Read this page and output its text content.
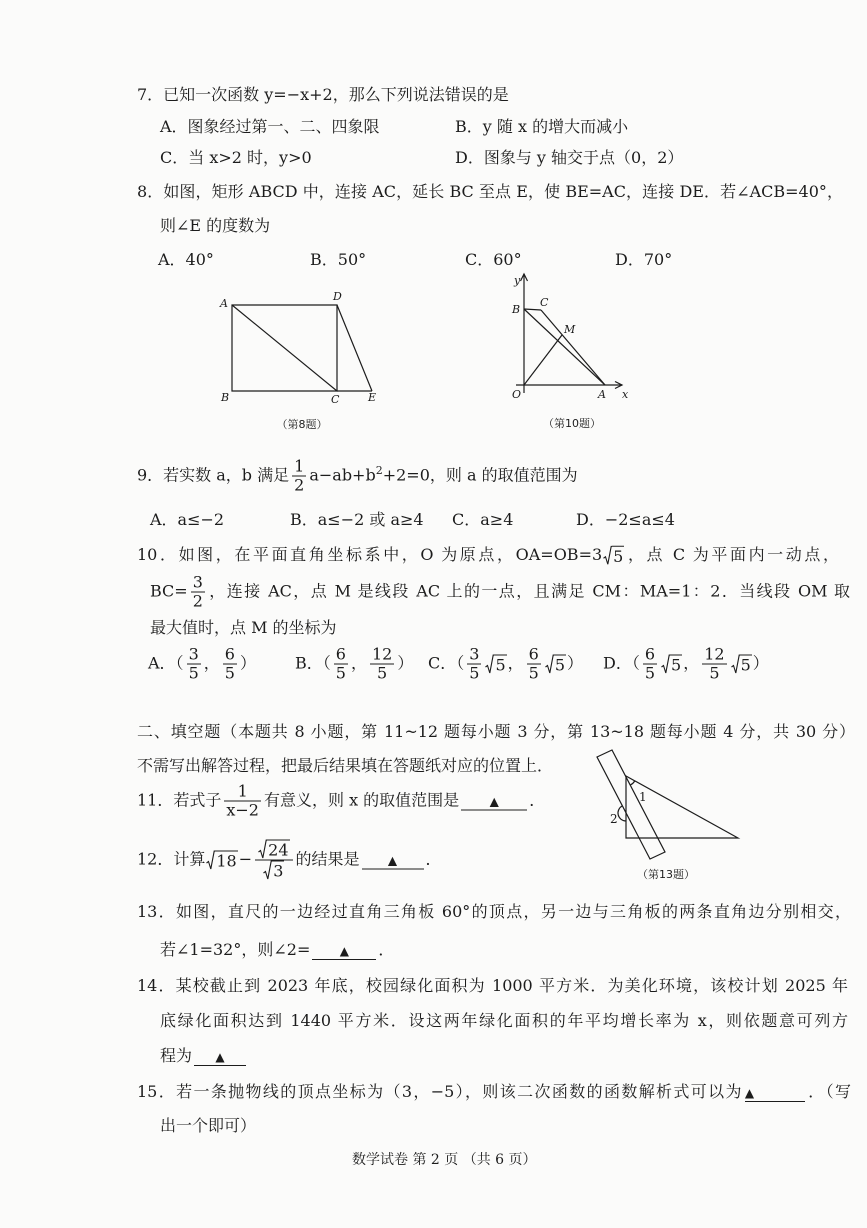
7．已知一次函数 y=−x+2，那么下列说法错误的是
A．图象经过第一、二、四象限	B．y 随 x 的增大而减小
C．当 x>2 时，y>0	D．图象与 y 轴交于点（0，2）
8．如图，矩形 ABCD 中，连接 AC，延长 BC 至点 E，使 BE=AC，连接 DE．若∠ACB=40°，
则∠E 的度数为
A．40°	B．50°	C．60°	D．70°
9．若实数 a，b 满足 $\frac{1}{2} a-ab+b^2+2=0$，则 a 的取值范围为
A．a≤−2	B．a≤−2 或 a≥4 C．a≥4	D．−2≤a≤4
10．如图，在平面直角坐标系中，O 为原点，OA=OB=3 5 ，点 C 为平面内一动点，
$BC= \frac{3}{2}$ ，连接 AC，点 M 是线段 AC 上的一点，且满足 CM：MA=1：2．当线段 OM 取
最大值时，点 M 的坐标为
A．（ $\frac{3}{5}$ ， $\frac{6}{5}$ ） B．（ $\frac{6}{5}$ ， $\frac{12}{5}$ ） C．（ $\frac{3}{5} 5$ ， $\frac{6}{5} 5$ ） D．（ $\frac{6}{5} 5$ ， $\frac{12}{5} 5$ ）
二、填空题（本题共 8 小题，第 11~12 题每小题 3 分，第 13~18 题每小题 4 分，共 30 分）
不需写出解答过程，把最后结果填在答题纸对应的位置上．
11．若式子 $\frac{1}{x-2}$ 有意义，则 x 的取值范围是	▲ ．
12．计算 $18 - \frac{24}{3}$ 的结果是 ▲ ．
13．如图，直尺的一边经过直角三角板 60°的顶点，另一边与三角板的两条直角边分别相交，
若∠1=32°，则∠2= ▲ ．
14．某校截止到 2023 年底，校园绿化面积为 1000 平方米．为美化环境，该校计划 2025 年
底绿化面积达到 1440 平方米．设这两年绿化面积的年平均增长率为 x，则依题意可列方
程为 ▲
15．若一条抛物线的顶点坐标为（3，−5），则该二次函数的函数解析式可以为 ▲	．（写
出一个即可）
数学试卷 第 2 页 （共 6 页）
A
D
B	C	E
（第8题）
y
x
O
B
C
M
A
（第10题）
1
2
（第13题）
